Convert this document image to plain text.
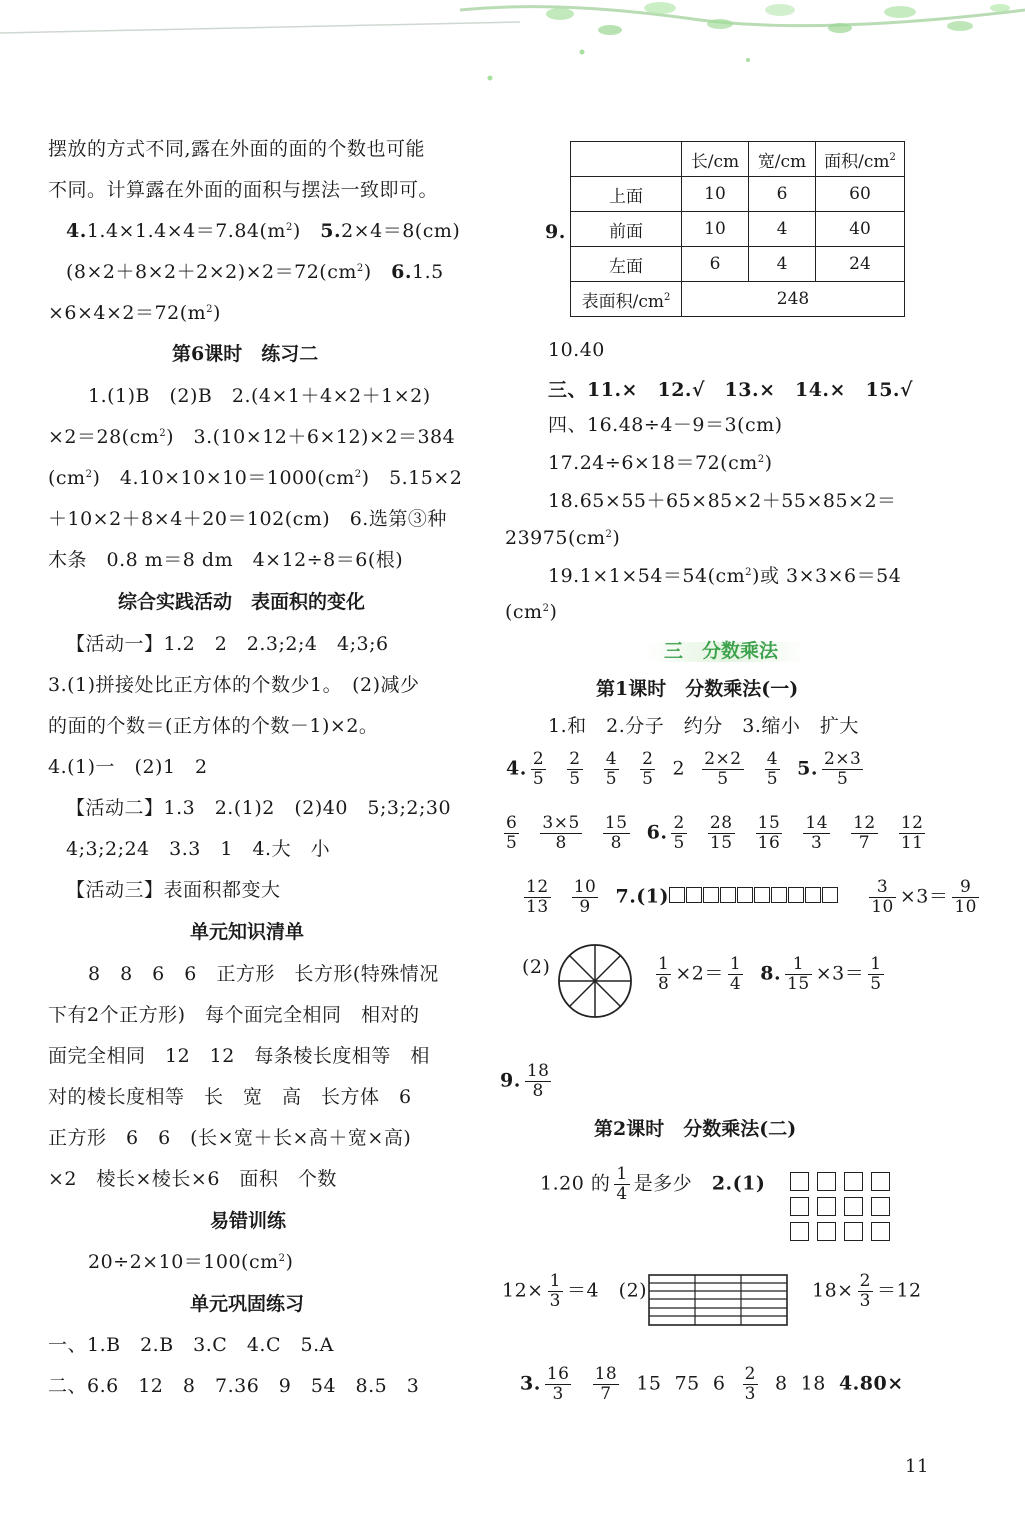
摆放的方式不同,露在外面的面的个数也可能
不同。计算露在外面的面积与摆法一致即可。
$4.1.4\times 1.4\times 4=7.84(m^2)$　5.2×4＝8(cm)
$(8\times 2+8\times 2+2\times 2)\times 2=72(cm^2)$　6.1.5
$\times 6\times 4\times 2=72(m^2)$
第6课时　练习二
1.(1)B　(2)B　2.(4×1＋4×2＋1×2)
$\times 2=28(cm^2)$　3.(10×12＋6×12)×2＝384
$(cm^2)$　$4.10\times 10\times 10=1000(cm^2)$　5.15×2
＋10×2＋8×4＋20＝102(cm)　6.选第③种
木条　0.8 m＝8 dm　4×12÷8＝6(根)
综合实践活动　表面积的变化
【活动一】1.2　2　2.3;2;4　4;3;6
3.(1)拼接处比正方体的个数少1。　(2)减少
的面的个数＝(正方体的个数－1)×2。
4.(1)一　(2)1　2
【活动二】1.3　2.(1)2　(2)40　5;3;2;30
4;3;2;24　3.3　1　4.大　小
【活动三】表面积都变大
单元知识清单
8　8　6　6　正方形　长方形(特殊情况
下有2个正方形)　每个面完全相同　相对的
面完全相同　12　12　每条棱长度相等　相
对的棱长度相等　长　宽　高　长方体　6
正方形　6　6　(长×宽＋长×高＋宽×高)
×2　棱长×棱长×6　面积　个数
易错训练
$20\div 2\times 10=100(cm^2)$
单元巩固练习
一、1.B　2.B　3.C　4.C　5.A
二、6.6　12　8　7.36　9　54　8.5　3
9.
	长/cm	宽/cm	面积$/cm^2$
上面	10	6	60
前面	10	4	40
左面	6	4	24
表面积$/cm^2$	248		
10.40
三、11.×　12.√　13.×　14.×　15.√
四、16.48÷4－9＝3(cm)
$17.24\div 6\times 18=72(cm^2)$
18.65×55＋65×85×2＋55×85×2＝
$23975(cm^2)$
$19.1\times 1\times 54=54(cm^2)$或 3×3×6＝54
$(cm^2)$
三　分数乘法
第1课时　分数乘法(一)
1.和　2.分子　约分　3.缩小　扩大
4. $\frac{2}{5}$
$\frac{2}{5}$
$\frac{4}{5}$
$\frac{2}{5} 2 \frac{2\times 2}{5}$
$\frac{4}{5} 5$. $\frac{2\times 3}{5}$
$\frac{6}{5}$
$\frac{3\times 5}{8}$
$\frac{15}{8} 6$. $\frac{2}{5}$
$\frac{28}{15}$
$\frac{15}{16}$
$\frac{14}{3}$
$\frac{12}{7}$
$\frac{12}{11}$
$\frac{12}{13}$
$\frac{10}{9} 7.(1)$	$\frac{3}{10} \times 3= \frac{9}{10}$
(2)	$\frac{1}{8} \times 2= \frac{1}{4} 8$. $\frac{1}{15} \times 3= \frac{1}{5}$
9. $\frac{18}{8}$
第2课时　分数乘法(二)
1.20 的 $\frac{1}{4}$ 是多少 2.(1)
$12\times \frac{1}{3} =4$ (2)	$18\times \frac{2}{3} =12$
3. $\frac{16}{3}$
$\frac{18}{7} 15$ 75 $6 \frac{2}{3} 8$ 18 4.80×
11
